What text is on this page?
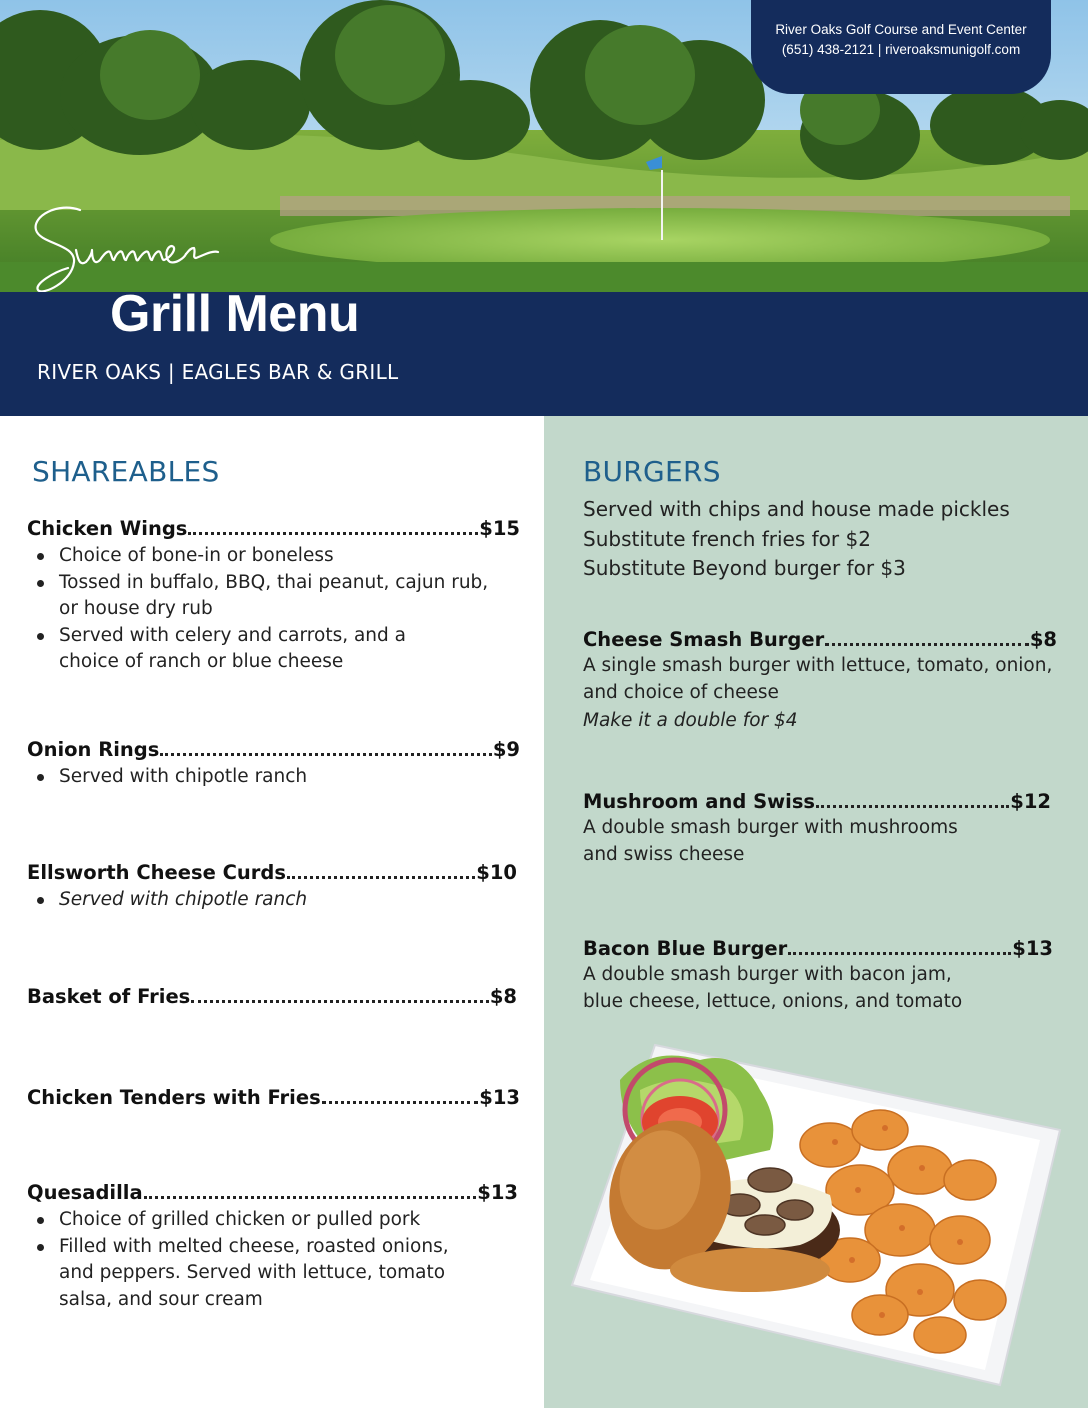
River Oaks Golf Course and Event Center
(651) 438-2121 | riveroaksmunigolf.com
Grill Menu
RIVER OAKS | EAGLES BAR & GRILL
SHAREABLES
Chicken Wings	$15
Choice of bone-in or boneless
Tossed in buffalo, BBQ, thai peanut, cajun rub, or house dry rub
Served with celery and carrots, and a choice of ranch or blue cheese
Onion Rings	$9
Served with chipotle ranch
Ellsworth Cheese Curds	$10
Served with chipotle ranch
Basket of Fries	$8
Chicken Tenders with Fries	$13
Quesadilla	$13
Choice of grilled chicken or pulled pork
Filled with melted cheese, roasted onions, and peppers. Served with lettuce, tomato salsa, and sour cream
BURGERS
Served with chips and house made pickles
Substitute french fries for $2
Substitute Beyond burger for $3
Cheese Smash Burger	$8
A single smash burger with lettuce, tomato, onion, and choice of cheese
Make it a double for $4
Mushroom and Swiss	$12
A double smash burger with mushrooms and swiss cheese
Bacon Blue Burger	$13
A double smash burger with bacon jam, blue cheese, lettuce, onions, and tomato
